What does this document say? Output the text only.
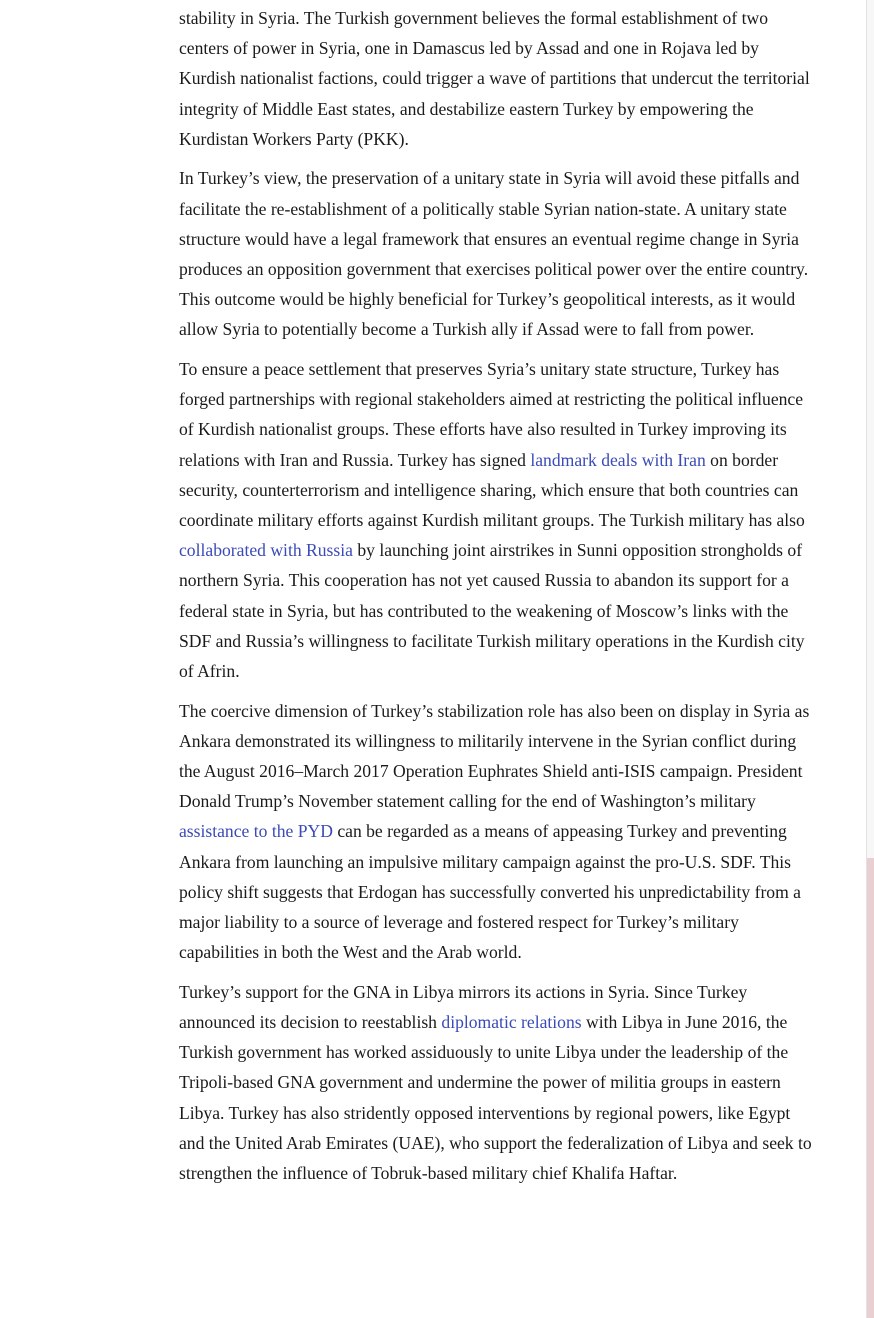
stability in Syria. The Turkish government believes the formal establishment of two centers of power in Syria, one in Damascus led by Assad and one in Rojava led by Kurdish nationalist factions, could trigger a wave of partitions that undercut the territorial integrity of Middle East states, and destabilize eastern Turkey by empowering the Kurdistan Workers Party (PKK).

In Turkey’s view, the preservation of a unitary state in Syria will avoid these pitfalls and facilitate the re-establishment of a politically stable Syrian nation-state. A unitary state structure would have a legal framework that ensures an eventual regime change in Syria produces an opposition government that exercises political power over the entire country. This outcome would be highly beneficial for Turkey’s geopolitical interests, as it would allow Syria to potentially become a Turkish ally if Assad were to fall from power.

To ensure a peace settlement that preserves Syria’s unitary state structure, Turkey has forged partnerships with regional stakeholders aimed at restricting the political influence of Kurdish nationalist groups. These efforts have also resulted in Turkey improving its relations with Iran and Russia. Turkey has signed landmark deals with Iran on border security, counterterrorism and intelligence sharing, which ensure that both countries can coordinate military efforts against Kurdish militant groups. The Turkish military has also collaborated with Russia by launching joint airstrikes in Sunni opposition strongholds of northern Syria. This cooperation has not yet caused Russia to abandon its support for a federal state in Syria, but has contributed to the weakening of Moscow’s links with the SDF and Russia’s willingness to facilitate Turkish military operations in the Kurdish city of Afrin.

The coercive dimension of Turkey’s stabilization role has also been on display in Syria as Ankara demonstrated its willingness to militarily intervene in the Syrian conflict during the August 2016–March 2017 Operation Euphrates Shield anti-ISIS campaign. President Donald Trump’s November statement calling for the end of Washington’s military assistance to the PYD can be regarded as a means of appeasing Turkey and preventing Ankara from launching an impulsive military campaign against the pro-U.S. SDF. This policy shift suggests that Erdogan has successfully converted his unpredictability from a major liability to a source of leverage and fostered respect for Turkey’s military capabilities in both the West and the Arab world.

Turkey’s support for the GNA in Libya mirrors its actions in Syria. Since Turkey announced its decision to reestablish diplomatic relations with Libya in June 2016, the Turkish government has worked assiduously to unite Libya under the leadership of the Tripoli-based GNA government and undermine the power of militia groups in eastern Libya. Turkey has also stridently opposed interventions by regional powers, like Egypt and the United Arab Emirates (UAE), who support the federalization of Libya and seek to strengthen the influence of Tobruk-based military chief Khalifa Haftar.
